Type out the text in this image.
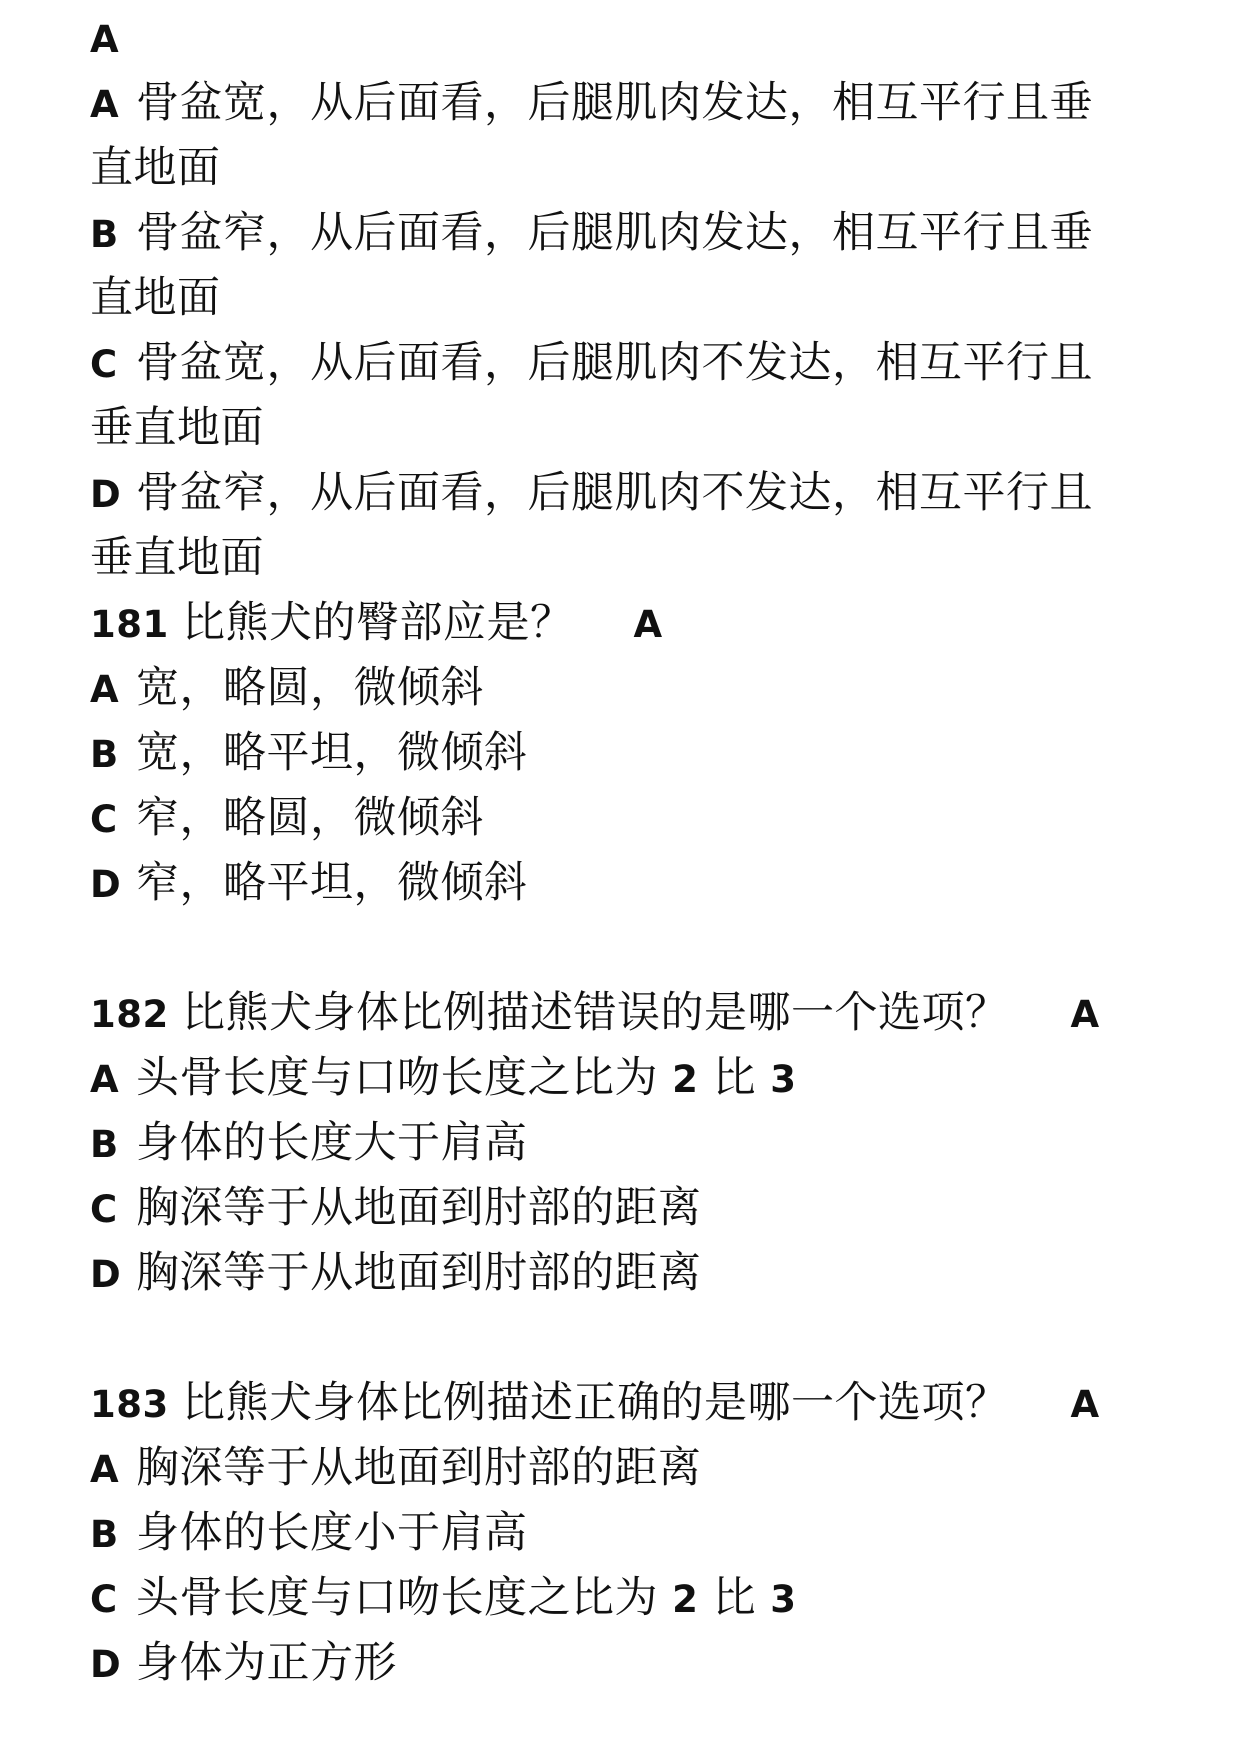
A
A 骨盆宽，从后面看，后腿肌肉发达，相互平行且垂
直地面
B 骨盆窄，从后面看，后腿肌肉发达，相互平行且垂
直地面
C 骨盆宽，从后面看，后腿肌肉不发达，相互平行且
垂直地面
D 骨盆窄，从后面看，后腿肌肉不发达，相互平行且
垂直地面
181 比熊犬的臀部应是？ A
A 宽，略圆，微倾斜
B 宽，略平坦，微倾斜
C 窄，略圆，微倾斜
D 窄，略平坦，微倾斜
182 比熊犬身体比例描述错误的是哪一个选项？ A
A 头骨长度与口吻长度之比为 2 比 3
B 身体的长度大于肩高
C 胸深等于从地面到肘部的距离
D 胸深等于从地面到肘部的距离
183 比熊犬身体比例描述正确的是哪一个选项？ A
A 胸深等于从地面到肘部的距离
B 身体的长度小于肩高
C 头骨长度与口吻长度之比为 2 比 3
D 身体为正方形
